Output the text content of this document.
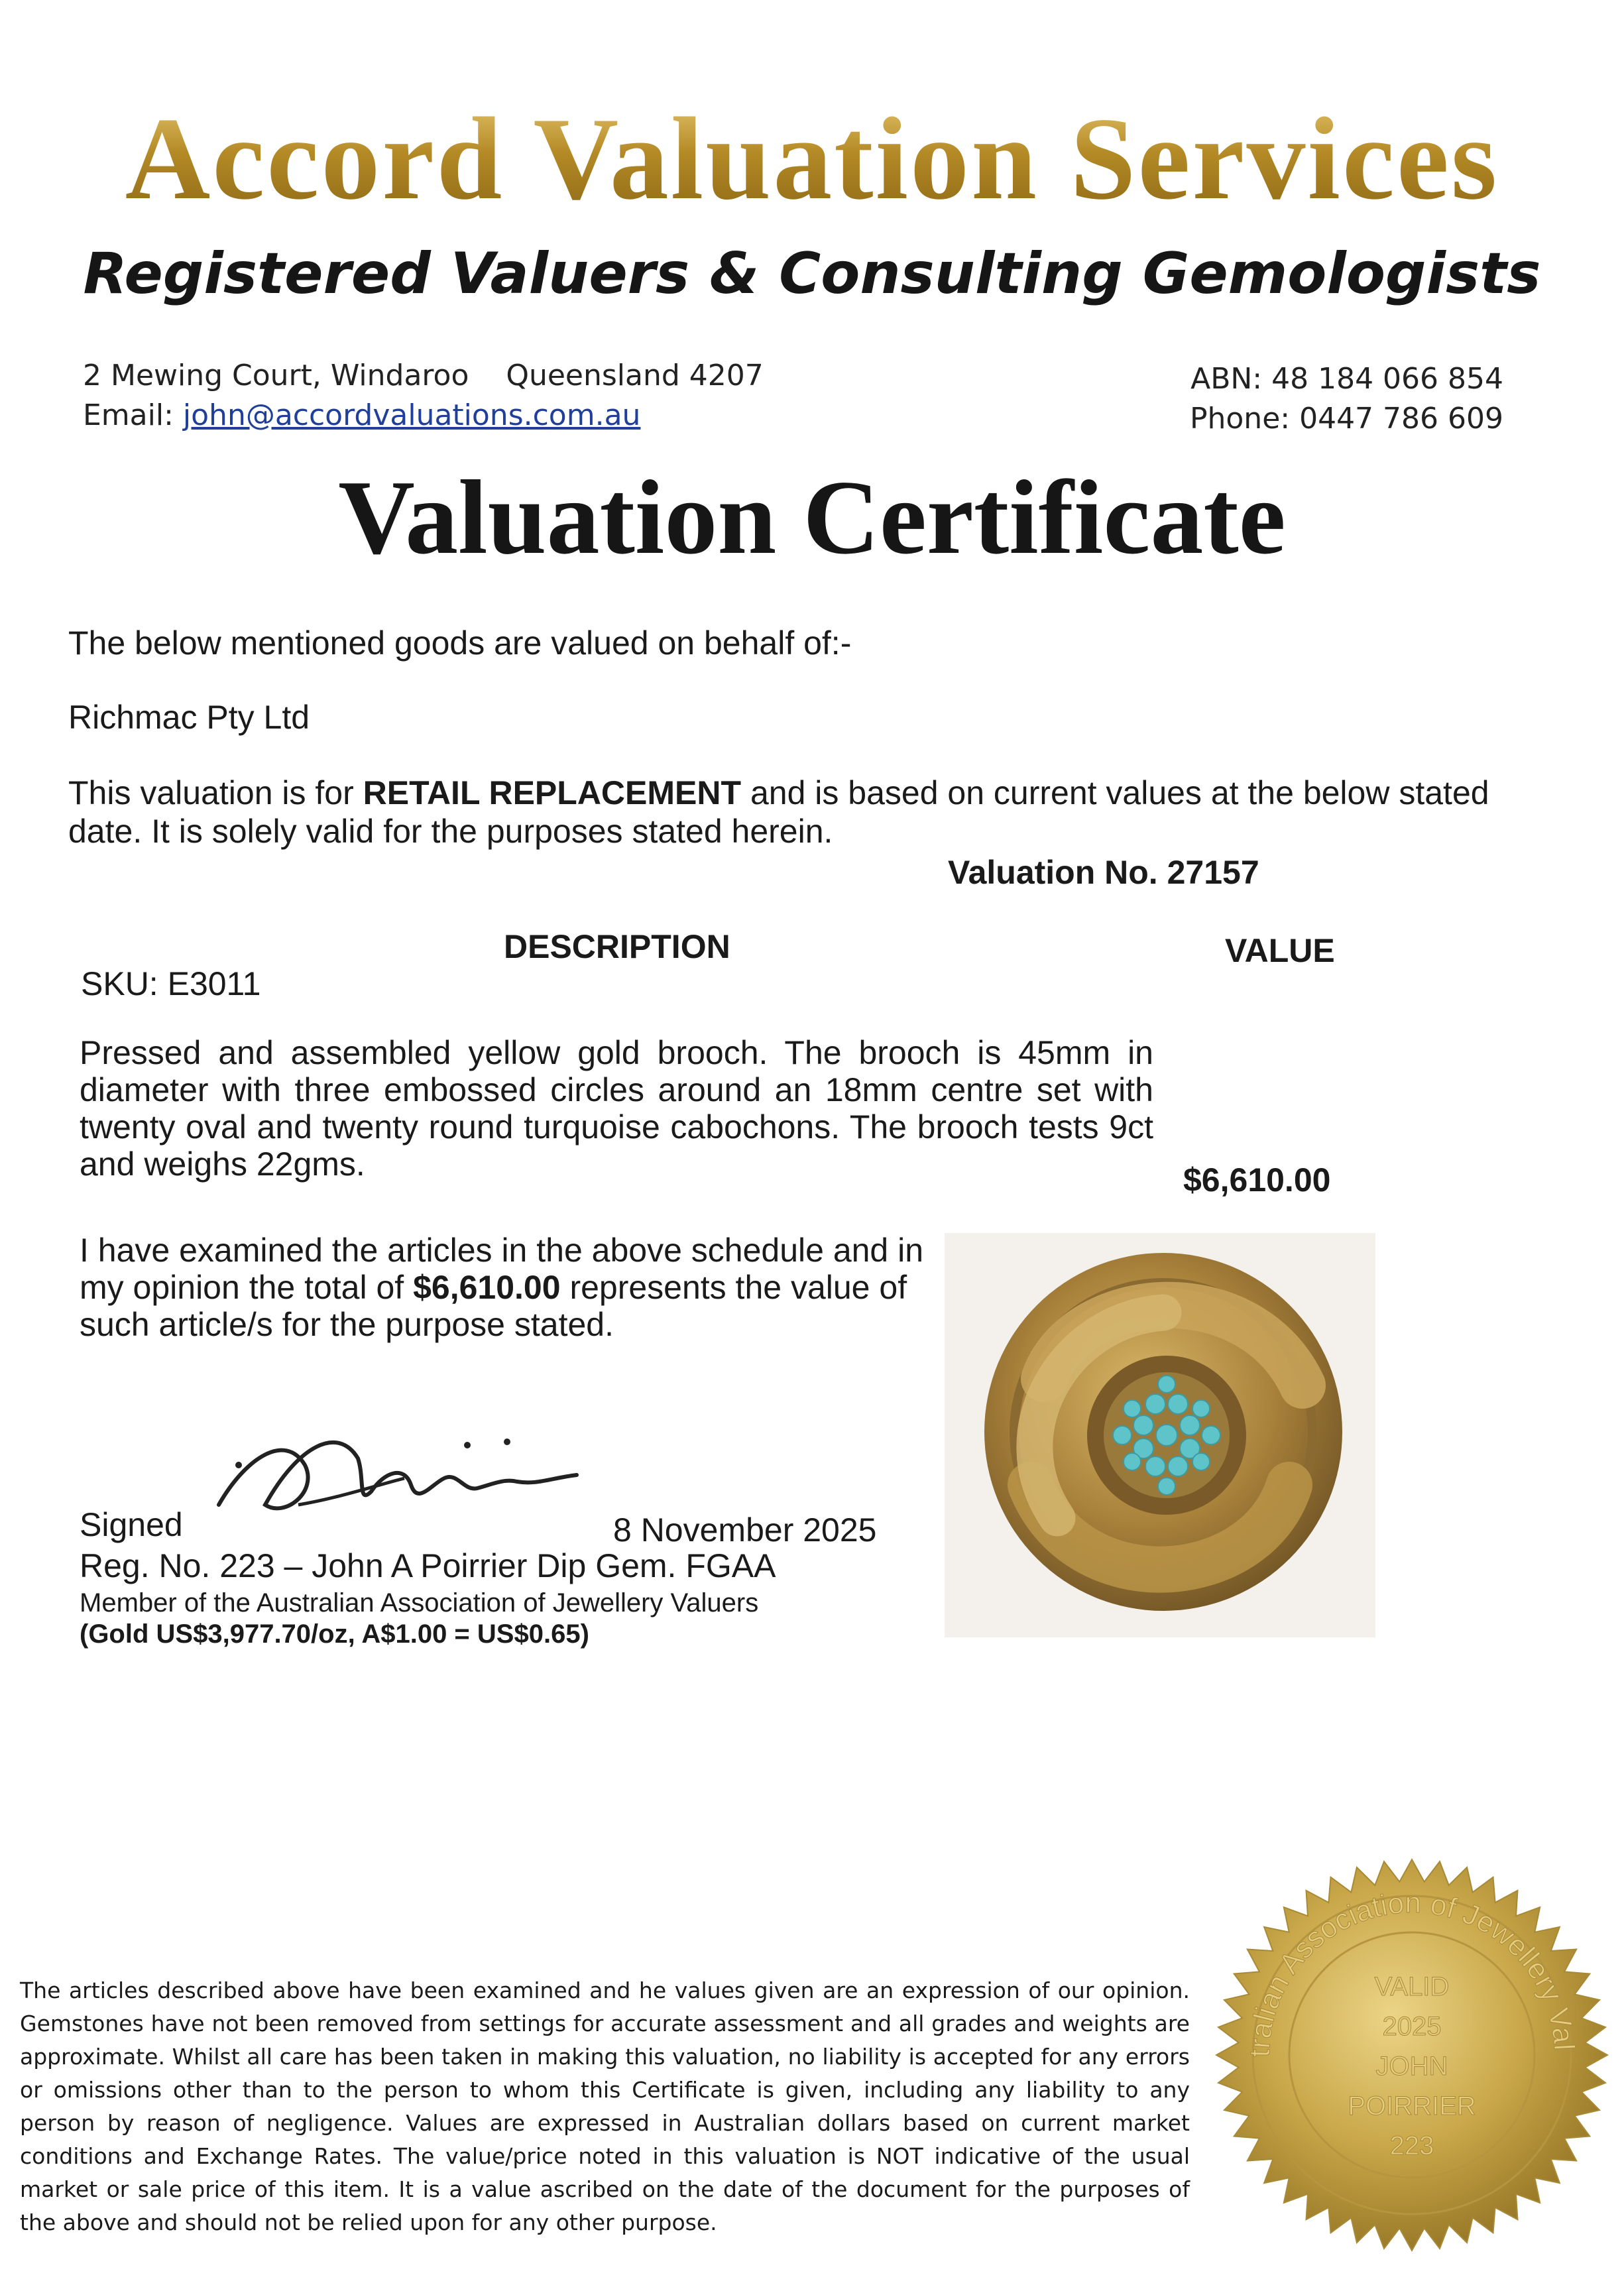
Accord Valuation Services
Registered Valuers & Consulting Gemologists
2 Mewing Court, Windaroo    Queensland 4207
Email: john@accordvaluations.com.au
ABN: 48 184 066 854
Phone: 0447 786 609
Valuation Certificate
The below mentioned goods are valued on behalf of:-
Richmac Pty Ltd
This valuation is for RETAIL REPLACEMENT and is based on current values at the below stated
date. It is solely valid for the purposes stated herein.
Valuation No. 27157
DESCRIPTION	VALUE
SKU: E3011
Pressed and assembled yellow gold brooch. The brooch is 45mm in diameter with three embossed circles around an 18mm centre set with twenty oval and twenty round turquoise cabochons. The brooch tests 9ct and weighs 22gms.	$6,610.00
I have examined the articles in the above schedule and in my opinion the total of $6,610.00 represents the value of such article/s for the purpose stated.
Signed	8 November 2025
Reg. No. 223 – John A Poirrier Dip Gem. FGAA
Member of the Australian Association of Jewellery Valuers
(Gold US$3,977.70/oz, A$1.00 = US$0.65)
The articles described above have been examined and he values given are an expression of our opinion. Gemstones have not been removed from settings for accurate assessment and all grades and weights are approximate. Whilst all care has been taken in making this valuation, no liability is accepted for any errors or omissions other than to the person to whom this Certificate is given, including any liability to any person by reason of negligence. Values are expressed in Australian dollars based on current market conditions and Exchange Rates. The value/price noted in this valuation is NOT indicative of the usual market or sale price of this item. It is a value ascribed on the date of the document for the purposes of the above and should not be relied upon for any other purpose.
tralian Association of Jewellery Val
VALID
2025
JOHN
POIRRIER
223
